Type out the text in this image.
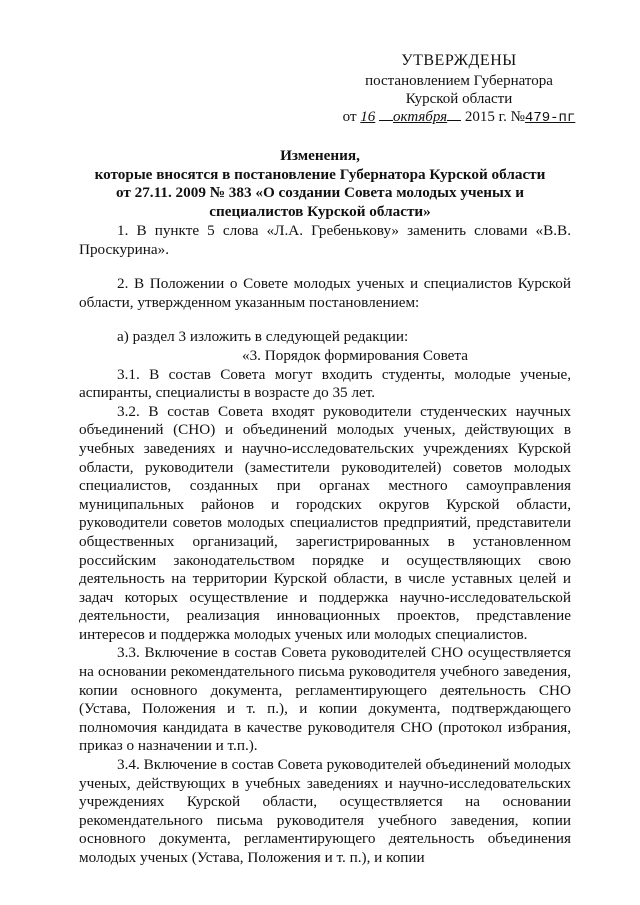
УТВЕРЖДЕНЫ
постановлением Губернатора
Курской области
от 16 октября 2015 г. №479-пг
Изменения,
которые вносятся в постановление Губернатора Курской области
от 27.11. 2009 № 383 «О создании Совета молодых ученых и
специалистов Курской области»

1. В пункте 5 слова «Л.А. Гребенькову» заменить словами «В.В. Проскурина».

2. В Положении о Совете молодых ученых и специалистов Курской области, утвержденном указанным постановлением:

а) раздел 3 изложить в следующей редакции:

«3. Порядок формирования Совета

3.1. В состав Совета могут входить студенты, молодые ученые, аспиранты, специалисты в возрасте до 35 лет.

3.2. В состав Совета входят руководители студенческих научных объединений (СНО) и объединений молодых ученых, действующих в учебных заведениях и научно-исследовательских учреждениях Курской области, руководители (заместители руководителей) советов молодых специалистов, созданных при органах местного самоуправления муниципальных районов и городских округов Курской области, руководители советов молодых специалистов предприятий, представители общественных организаций, зарегистрированных в установленном российским законодательством порядке и осуществляющих свою деятельность на территории Курской области, в числе уставных целей и задач которых осуществление и поддержка научно-исследовательской деятельности, реализация инновационных проектов, представление интересов и поддержка молодых ученых или молодых специалистов.

3.3. Включение в состав Совета руководителей СНО осуществляется на основании рекомендательного письма руководителя учебного заведения, копии основного документа, регламентирующего деятельность СНО (Устава, Положения и т. п.), и копии документа, подтверждающего полномочия кандидата в качестве руководителя СНО (протокол избрания, приказ о назначении и т.п.).

3.4. Включение в состав Совета руководителей объединений молодых ученых, действующих в учебных заведениях и научно-исследовательских учреждениях Курской области, осуществляется на основании рекомендательного письма руководителя учебного заведения, копии основного документа, регламентирующего деятельность объединения молодых ученых (Устава, Положения и т. п.), и копии
